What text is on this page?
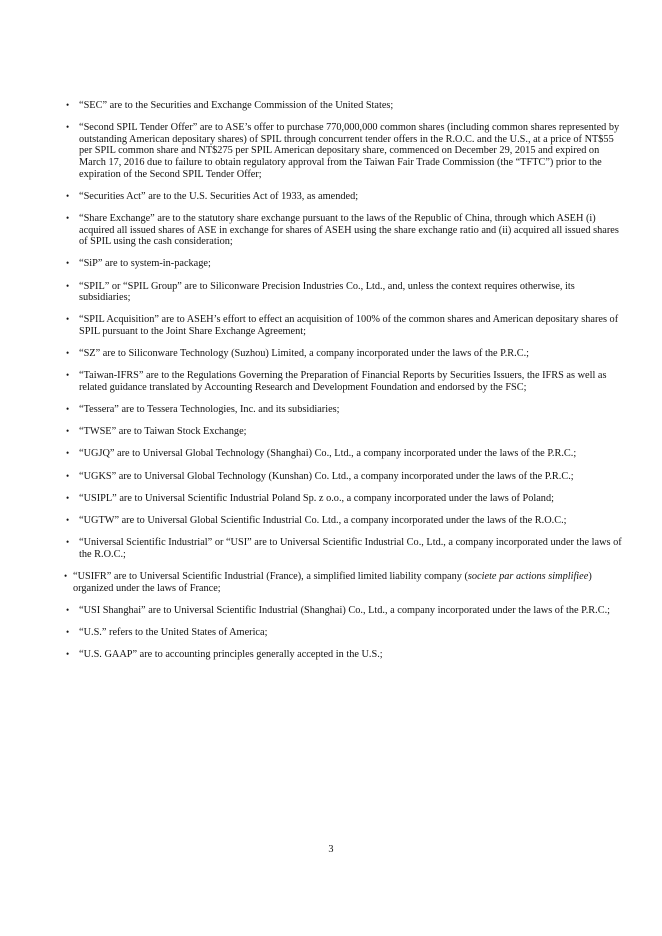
• “SEC” are to the Securities and Exchange Commission of the United States;
• “Second SPIL Tender Offer” are to ASE’s offer to purchase 770,000,000 common shares (including common shares represented by outstanding American depositary shares) of SPIL through concurrent tender offers in the R.O.C. and the U.S., at a price of NT$55 per SPIL common share and NT$275 per SPIL American depositary share, commenced on December 29, 2015 and expired on March 17, 2016 due to failure to obtain regulatory approval from the Taiwan Fair Trade Commission (the “TFTC”) prior to the expiration of the Second SPIL Tender Offer;
• “Securities Act” are to the U.S. Securities Act of 1933, as amended;
• “Share Exchange” are to the statutory share exchange pursuant to the laws of the Republic of China, through which ASEH (i) acquired all issued shares of ASE in exchange for shares of ASEH using the share exchange ratio and (ii) acquired all issued shares of SPIL using the cash consideration;
• “SiP” are to system-in-package;
• “SPIL” or “SPIL Group” are to Siliconware Precision Industries Co., Ltd., and, unless the context requires otherwise, its subsidiaries;
• “SPIL Acquisition” are to ASEH’s effort to effect an acquisition of 100% of the common shares and American depositary shares of SPIL pursuant to the Joint Share Exchange Agreement;
• “SZ” are to Siliconware Technology (Suzhou) Limited, a company incorporated under the laws of the P.R.C.;
• “Taiwan-IFRS” are to the Regulations Governing the Preparation of Financial Reports by Securities Issuers, the IFRS as well as related guidance translated by Accounting Research and Development Foundation and endorsed by the FSC;
• “Tessera” are to Tessera Technologies, Inc. and its subsidiaries;
• “TWSE” are to Taiwan Stock Exchange;
• “UGJQ” are to Universal Global Technology (Shanghai) Co., Ltd., a company incorporated under the laws of the P.R.C.;
• “UGKS” are to Universal Global Technology (Kunshan) Co. Ltd., a company incorporated under the laws of the P.R.C.;
• “USIPL” are to Universal Scientific Industrial Poland Sp. z o.o., a company incorporated under the laws of Poland;
• “UGTW” are to Universal Global Scientific Industrial Co. Ltd., a company incorporated under the laws of the R.O.C.;
• “Universal Scientific Industrial” or “USI” are to Universal Scientific Industrial Co., Ltd., a company incorporated under the laws of the R.O.C.;
• “USIFR” are to Universal Scientific Industrial (France), a simplified limited liability company (societe par actions simplifiee) organized under the laws of France;
• “USI Shanghai” are to Universal Scientific Industrial (Shanghai) Co., Ltd., a company incorporated under the laws of the P.R.C.;
• “U.S.” refers to the United States of America;
• “U.S. GAAP” are to accounting principles generally accepted in the U.S.;
3
